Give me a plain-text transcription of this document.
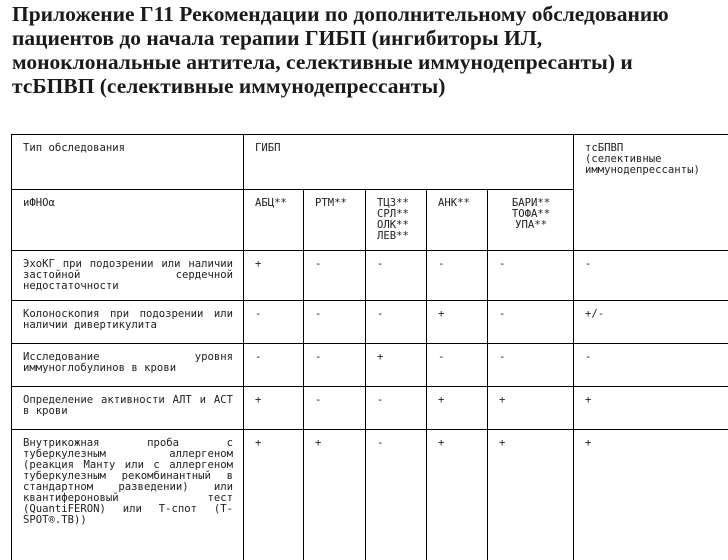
Приложение Г11 Рекомендации по дополнительному обследованию
пациентов до начала терапии ГИБП (ингибиторы ИЛ,
моноклональные антитела, селективные иммунодепресанты) и
тсБПВП (селективные иммунодепрессанты)
Тип обследования	ГИБП					тсБПВП
(селективные
иммунодепрессанты)
иФНОα	АБЦ**	РТМ**	ТЦЗ**
СРЛ**
ОЛК**
ЛЕВ**	АНК**	БАРИ**
ТОФА**
УПА**	

ЭхоКГ при подозрении или наличии застойной сердечной недостаточности	+	-	-	-	-	-
Колоноскопия при подозрении или наличии дивертикулита	-	-	-	+	-	+/-
Исследование уровня иммуноглобулинов в крови	-	-	+	-	-	-
Определение активности АЛТ и АСТ в крови	+	-	-	+	+	+
Внутрикожная проба с туберкулезным аллергеном (реакция Манту или с аллергеном туберкулезным рекомбинантный в стандартном разведении) или квантифероновый тест (QuantiFERON) или T-спот (T-SPOT®.TB))	+	+	-	+	+	+
